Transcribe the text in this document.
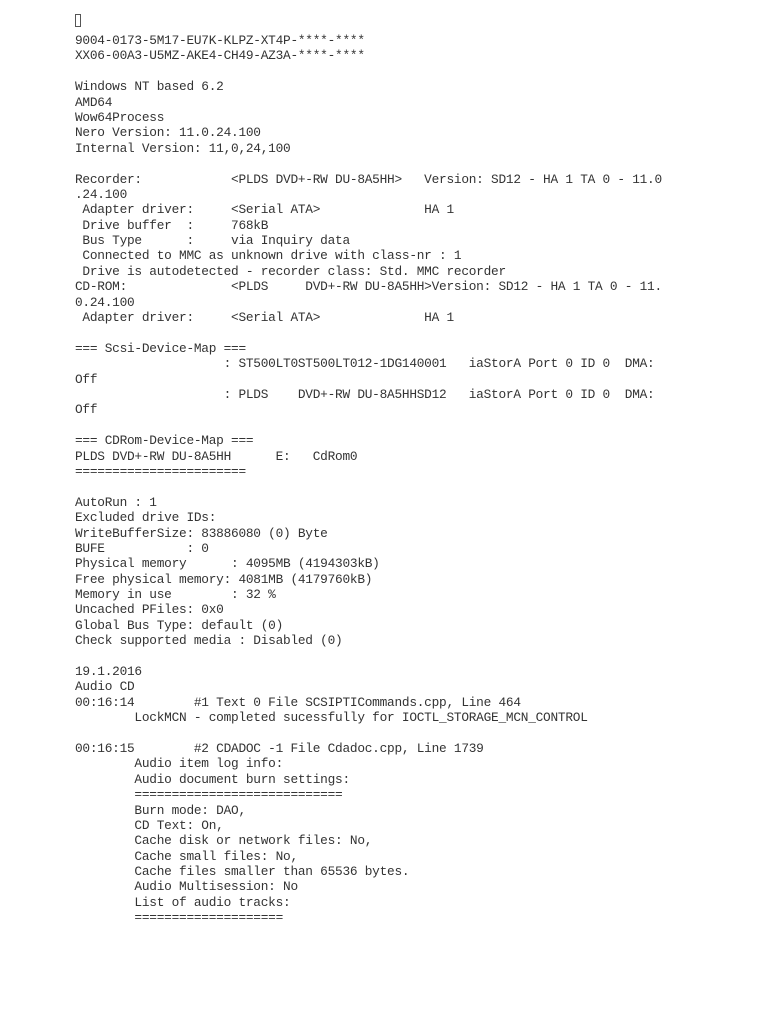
9004-0173-5M17-EU7K-KLPZ-XT4P-****-****
XX06-00A3-U5MZ-AKE4-CH49-AZ3A-****-****
Windows NT based 6.2
AMD64
Wow64Process
Nero Version: 11.0.24.100
Internal Version: 11,0,24,100
Recorder:            <PLDS DVD+-RW DU-8A5HH>   Version: SD12 - HA 1 TA 0 - 11.0
.24.100
Adapter driver:     <Serial ATA>              HA 1
Drive buffer  :     768kB
Bus Type      :     via Inquiry data
Connected to MMC as unknown drive with class-nr : 1
Drive is autodetected - recorder class: Std. MMC recorder
CD-ROM:              <PLDS     DVD+-RW DU-8A5HH>Version: SD12 - HA 1 TA 0 - 11.
0.24.100
Adapter driver:     <Serial ATA>              HA 1
=== Scsi-Device-Map ===
: ST500LT0ST500LT012-1DG140001   iaStorA Port 0 ID 0  DMA:
Off
: PLDS    DVD+-RW DU-8A5HHSD12   iaStorA Port 0 ID 0  DMA:
Off
=== CDRom-Device-Map ===
PLDS DVD+-RW DU-8A5HH      E:   CdRom0
=======================
AutoRun : 1
Excluded drive IDs:
WriteBufferSize: 83886080 (0) Byte
BUFE           : 0
Physical memory      : 4095MB (4194303kB)
Free physical memory: 4081MB (4179760kB)
Memory in use        : 32 %
Uncached PFiles: 0x0
Global Bus Type: default (0)
Check supported media : Disabled (0)
19.1.2016
Audio CD
00:16:14        #1 Text 0 File SCSIPTICommands.cpp, Line 464
LockMCN - completed sucessfully for IOCTL_STORAGE_MCN_CONTROL
00:16:15        #2 CDADOC -1 File Cdadoc.cpp, Line 1739
Audio item log info:
Audio document burn settings:
============================
Burn mode: DAO,
CD Text: On,
Cache disk or network files: No,
Cache small files: No,
Cache files smaller than 65536 bytes.
Audio Multisession: No
List of audio tracks:
====================
